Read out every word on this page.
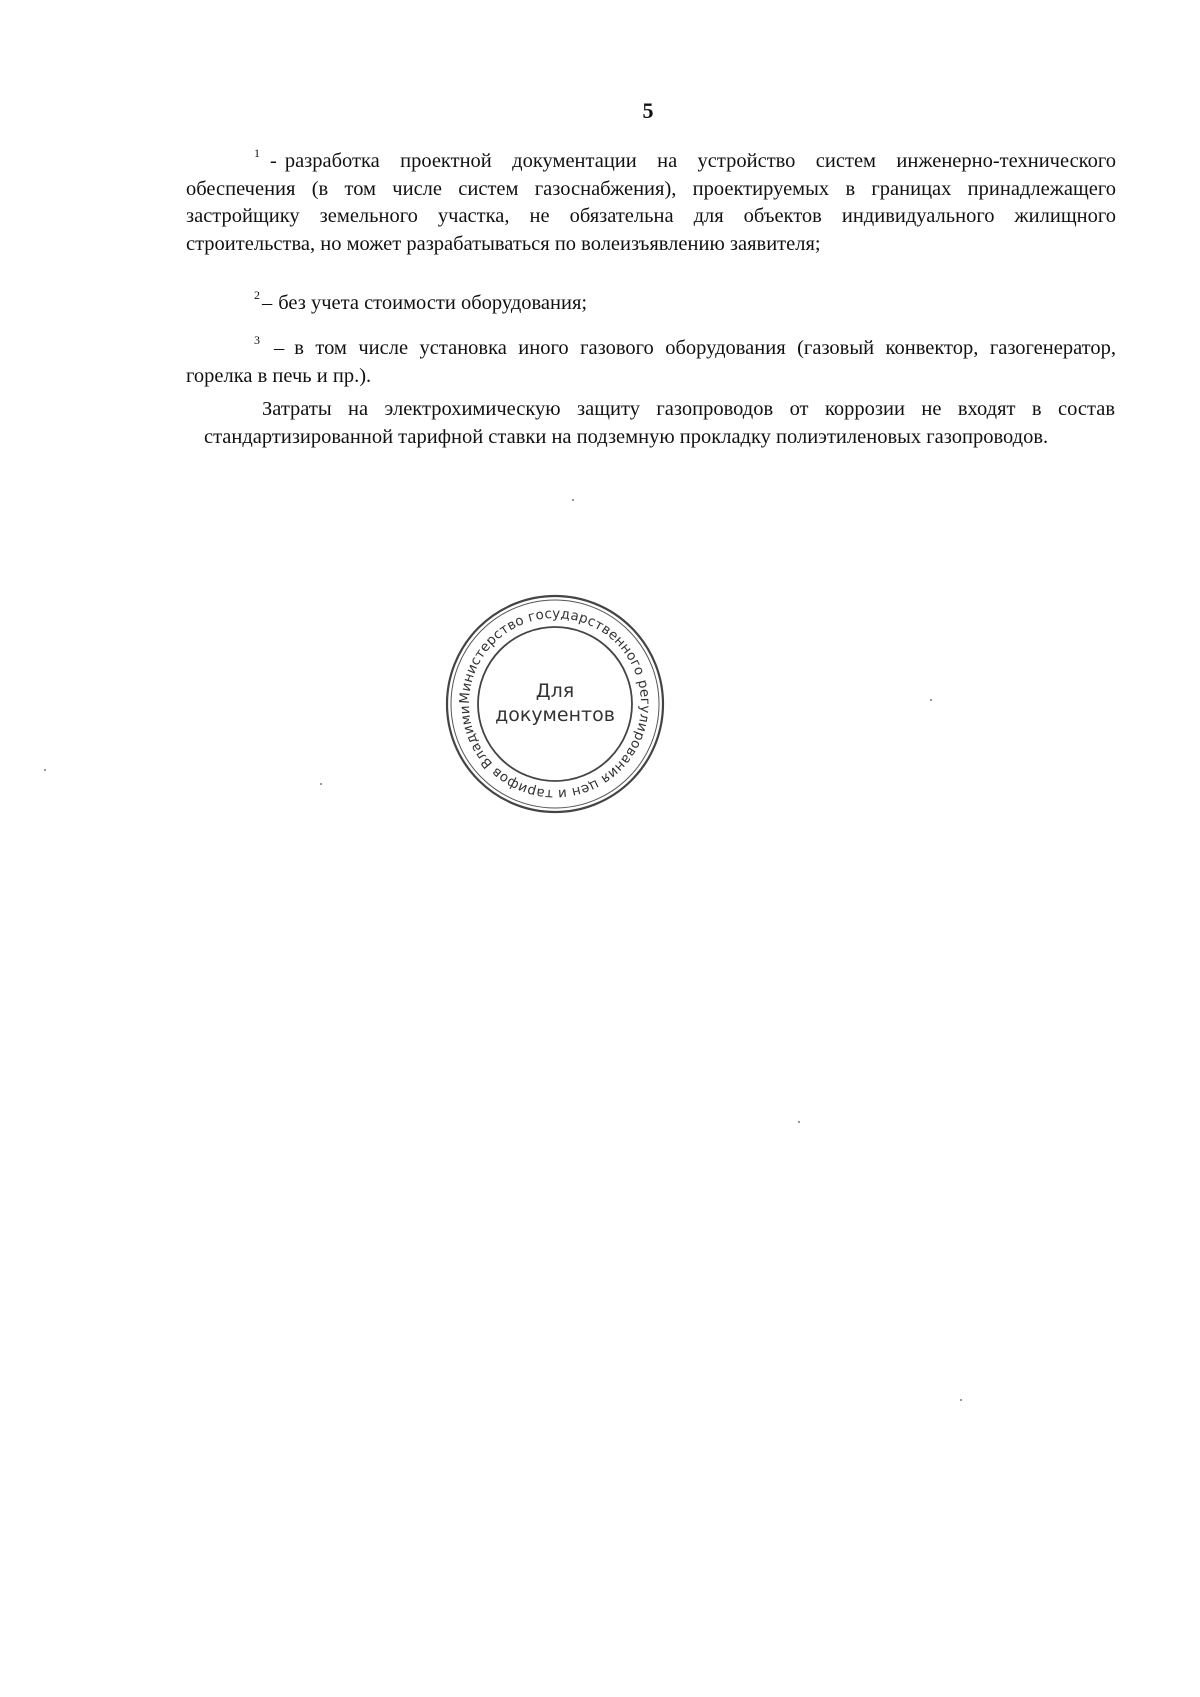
5
$^1$ - разработка проектной документации на устройство систем инженерно-технического обеспечения (в том числе систем газоснабжения), проектируемых в границах принадлежащего застройщику земельного участка, не обязательна для объектов индивидуального жилищного строительства, но может разрабатываться по волеизъявлению заявителя;
$^2$– без учета стоимости оборудования;
$^3$ – в том числе установка иного газового оборудования (газовый конвектор, газогенератор, горелка в печь и пр.).
Затраты на электрохимическую защиту газопроводов от коррозии не входят в состав стандартизированной тарифной ставки на подземную прокладку полиэтиленовых газопроводов.
Министерство государственного регулирования цен и тарифов Владими
Для
документов
